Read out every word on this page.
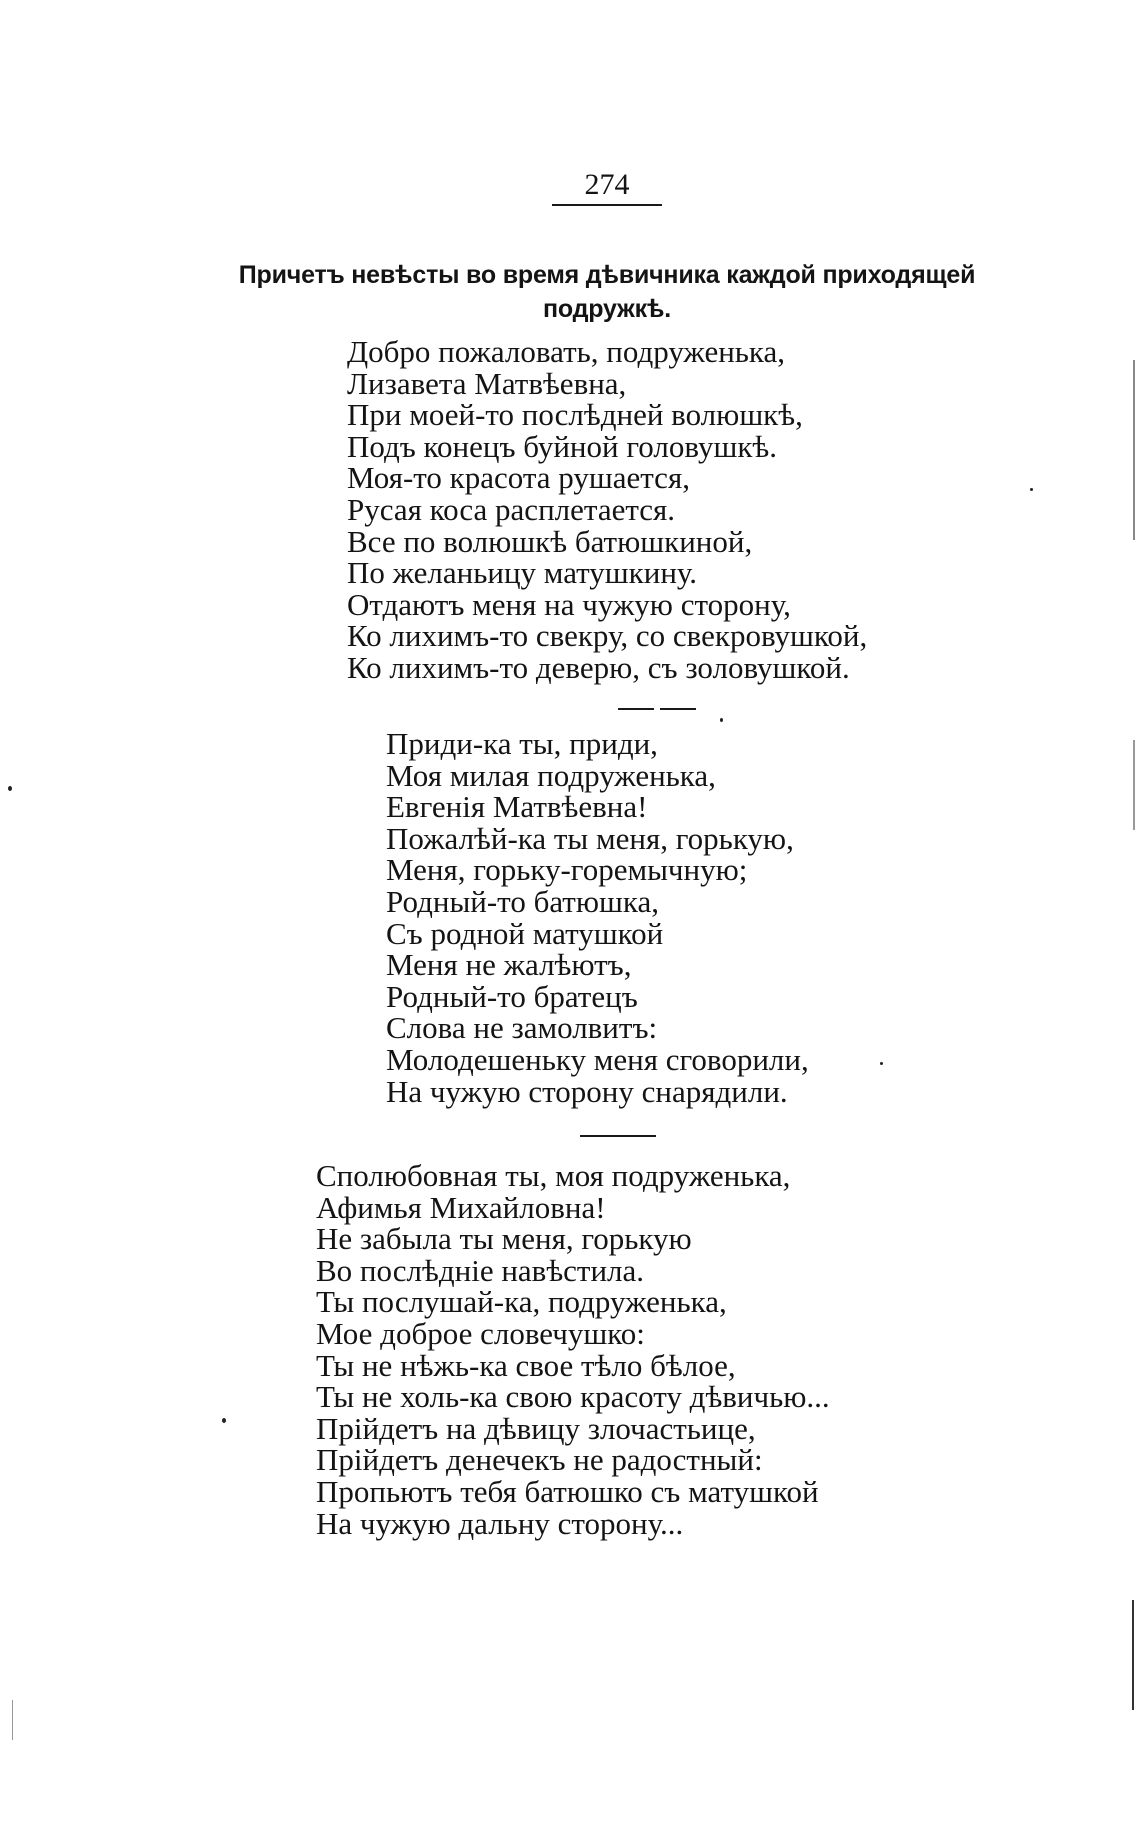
274
Причетъ невѣсты во время дѣвичника каждой приходящей подружкѣ.
Добро пожаловать, подруженька,
Лизавета Матвѣевна,
При моей-то послѣдней волюшкѣ,
Подъ конецъ буйной головушкѣ.
Моя-то красота рушается,
Русая коса расплетается.
Все по волюшкѣ батюшкиной,
По желаньицу матушкину.
Отдаютъ меня на чужую сторону,
Ко лихимъ-то свекру, со свекровушкой,
Ко лихимъ-то деверю, съ золовушкой.
Приди-ка ты, приди,
Моя милая подруженька,
Евгенія Матвѣевна!
Пожалѣй-ка ты меня, горькую,
Меня, горьку-горемычную;
Родный-то батюшка,
Съ родной матушкой
Меня не жалѣютъ,
Родный-то братецъ
Слова не замолвитъ:
Молодешеньку меня сговорили,
На чужую сторону снарядили.
Сполюбовная ты, моя подруженька,
Афимья Михайловна!
Не забыла ты меня, горькую
Во послѣдніе навѣстила.
Ты послушай-ка, подруженька,
Мое доброе словечушко:
Ты не нѣжь-ка свое тѣло бѣлое,
Ты не холь-ка свою красоту дѣвичью...
Прійдетъ на дѣвицу злочастьице,
Прійдетъ денечекъ не радостный:
Пропьютъ тебя батюшко съ матушкой
На чужую дальну сторону...
